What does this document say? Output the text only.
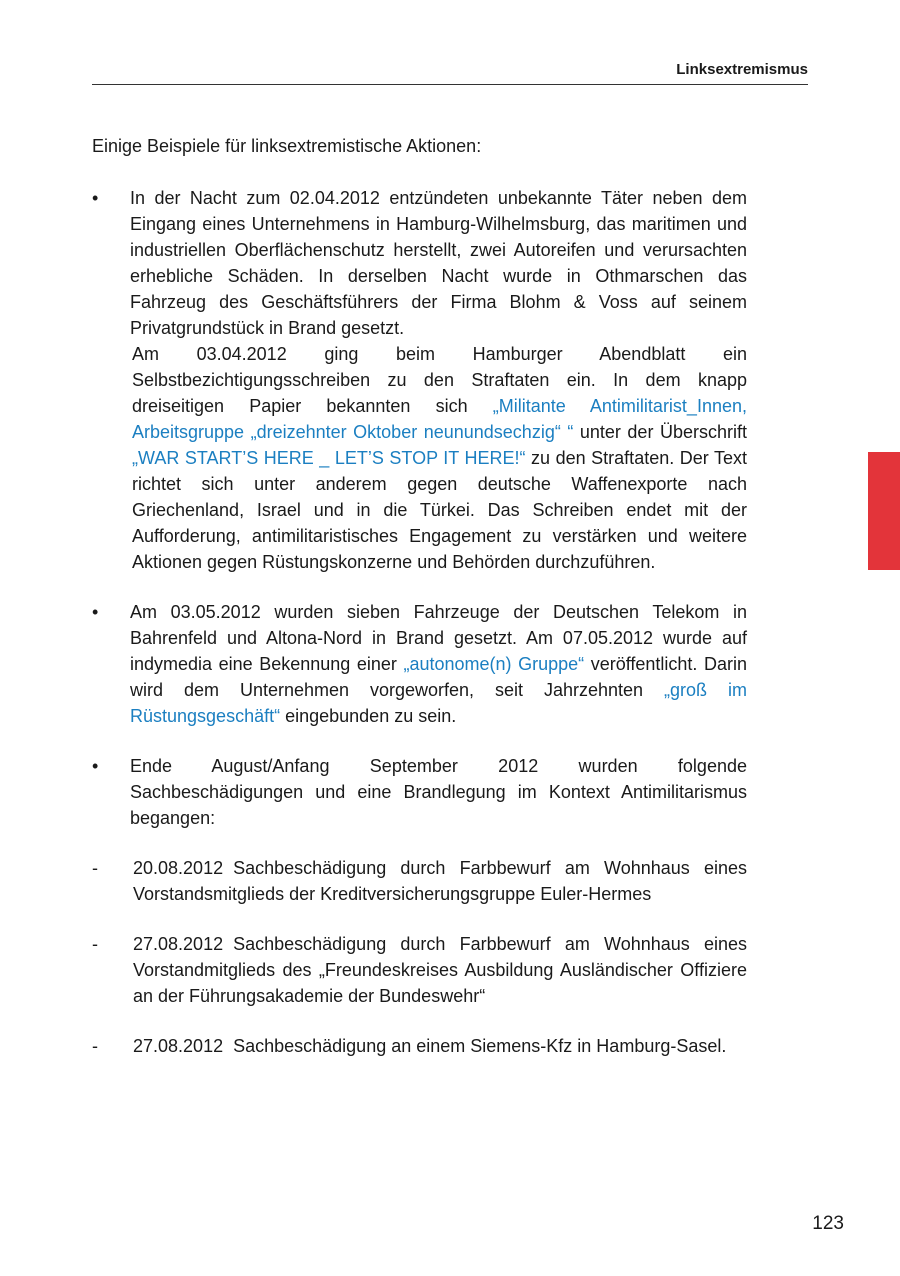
Linksextremismus

Einige Beispiele für linksextremistische Aktionen:

•	In der Nacht zum 02.04.2012 entzündeten unbekannte Täter neben dem Eingang eines Unternehmens in Hamburg-Wilhelmsburg, das maritimen und industriellen Oberflächenschutz herstellt, zwei Autoreifen und verursachten erhebliche Schäden. In derselben Nacht wurde in Othmarschen das Fahrzeug des Geschäftsführers der Firma Blohm & Voss auf seinem Privatgrundstück in Brand gesetzt.

Am 03.04.2012 ging beim Hamburger Abendblatt ein Selbstbezichtigungsschreiben zu den Straftaten ein. In dem knapp dreiseitigen Papier bekannten sich „Militante Antimilitarist_Innen, Arbeitsgruppe „dreizehnter Oktober neunundsechzig“ “ unter der Überschrift „WAR START’S HERE _ LET’S STOP IT HERE!“ zu den Straftaten. Der Text richtet sich unter anderem gegen deutsche Waffenexporte nach Griechenland, Israel und in die Türkei. Das Schreiben endet mit der Aufforderung, antimilitaristisches Engagement zu verstärken und weitere Aktionen gegen Rüstungskonzerne und Behörden durchzuführen.

•	Am 03.05.2012 wurden sieben Fahrzeuge der Deutschen Telekom in Bahrenfeld und Altona-Nord in Brand gesetzt. Am 07.05.2012 wurde auf indymedia eine Bekennung einer „autonome(n) Gruppe“ veröffentlicht. Darin wird dem Unternehmen vorgeworfen, seit Jahrzehnten „groß im Rüstungsgeschäft“ eingebunden zu sein.

•	Ende August/Anfang September 2012 wurden folgende Sachbeschädigungen und eine Brandlegung im Kontext Antimilitarismus begangen:

-	20.08.2012 Sachbeschädigung durch Farbbewurf am Wohnhaus eines Vorstandsmitglieds der Kreditversicherungsgruppe Euler-Hermes

-	27.08.2012 Sachbeschädigung durch Farbbewurf am Wohnhaus eines Vorstandmitglieds des „Freundeskreises Ausbildung Ausländischer Offiziere an der Führungsakademie der Bundeswehr“

-	27.08.2012 Sachbeschädigung an einem Siemens-Kfz in Hamburg-Sasel.

123
